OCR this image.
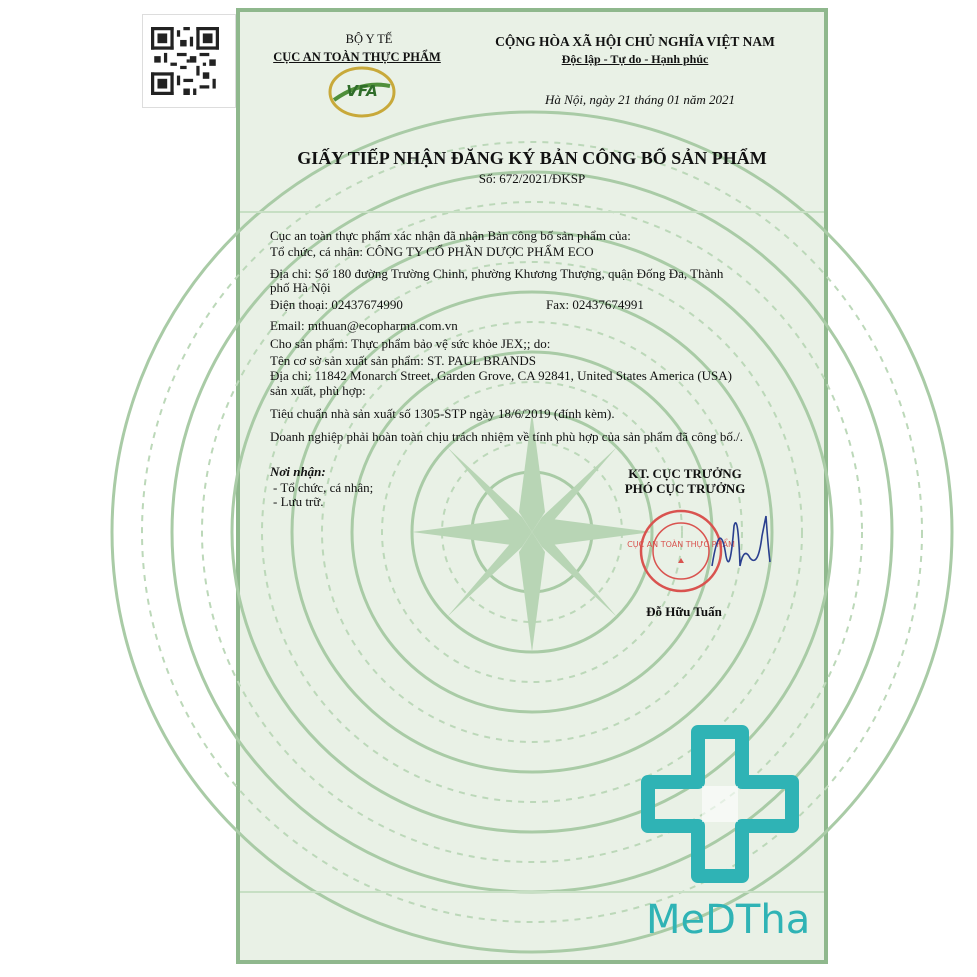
BỘ Y TẾ
CỤC AN TOÀN THỰC PHẨM
VFA
CỘNG HÒA XÃ HỘI CHỦ NGHĨA VIỆT NAM
Độc lập - Tự do - Hạnh phúc
Hà Nội, ngày 21 tháng 01 năm 2021
GIẤY TIẾP NHẬN ĐĂNG KÝ BẢN CÔNG BỐ SẢN PHẨM
Số: 672/2021/ĐKSP
Cục an toàn thực phẩm xác nhận đã nhận Bản công bố sản phẩm của:
Tổ chức, cá nhân: CÔNG TY CỔ PHẦN DƯỢC PHẨM ECO
Địa chỉ: Số 180 đường Trường Chinh, phường Khương Thượng, quận Đống Đa, Thành
phố Hà Nội
Điện thoại: 02437674990	Fax: 02437674991
Email: mthuan@ecopharma.com.vn
Cho sản phẩm: Thực phẩm bảo vệ sức khỏe JEX;; do:
Tên cơ sở sản xuất sản phẩm: ST. PAUL BRANDS
Địa chỉ: 11842 Monarch Street, Garden Grove, CA 92841, United States America (USA)
sản xuất, phù hợp:
Tiêu chuẩn nhà sản xuất số 1305-STP ngày 18/6/2019 (đính kèm).
Doanh nghiệp phải hoàn toàn chịu trách nhiệm về tính phù hợp của sản phẩm đã công bố./.
Nơi nhận:
- Tổ chức, cá nhân;
- Lưu trữ.
KT. CỤC TRƯỞNG
PHÓ CỤC TRƯỞNG
CỤC AN TOÀN THỰC PHẨM
Đỗ Hữu Tuấn
MeDTha
